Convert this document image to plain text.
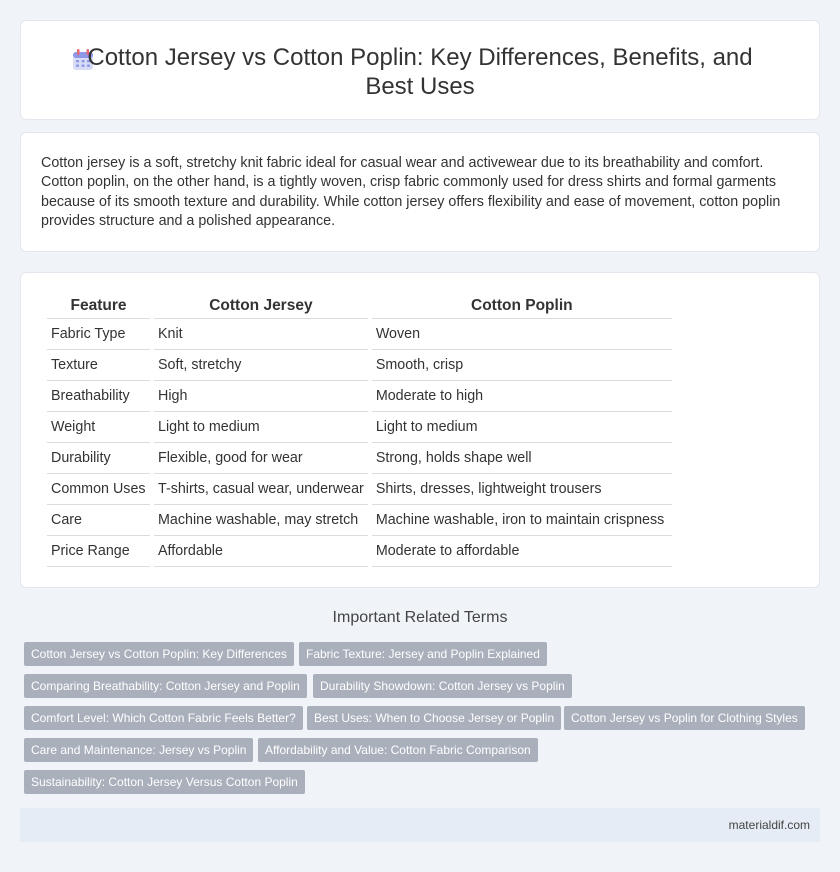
Cotton Jersey vs Cotton Poplin: Key Differences, Benefits, and Best Uses

Cotton jersey is a soft, stretchy knit fabric ideal for casual wear and activewear due to its breathability and comfort. Cotton poplin, on the other hand, is a tightly woven, crisp fabric commonly used for dress shirts and formal garments because of its smooth texture and durability. While cotton jersey offers flexibility and ease of movement, cotton poplin provides structure and a polished appearance.

Feature	Cotton Jersey	Cotton Poplin
Fabric Type	Knit	Woven
Texture	Soft, stretchy	Smooth, crisp
Breathability	High	Moderate to high
Weight	Light to medium	Light to medium
Durability	Flexible, good for wear	Strong, holds shape well
Common Uses	T-shirts, casual wear, underwear	Shirts, dresses, lightweight trousers
Care	Machine washable, may stretch	Machine washable, iron to maintain crispness
Price Range	Affordable	Moderate to affordable
Important Related Terms
Cotton Jersey vs Cotton Poplin: Key Differences	Fabric Texture: Jersey and Poplin Explained
Comparing Breathability: Cotton Jersey and Poplin	Durability Showdown: Cotton Jersey vs Poplin
Comfort Level: Which Cotton Fabric Feels Better?	Best Uses: When to Choose Jersey or Poplin	Cotton Jersey vs Poplin for Clothing Styles
Care and Maintenance: Jersey vs Poplin	Affordability and Value: Cotton Fabric Comparison
Sustainability: Cotton Jersey Versus Cotton Poplin
materialdif.com
